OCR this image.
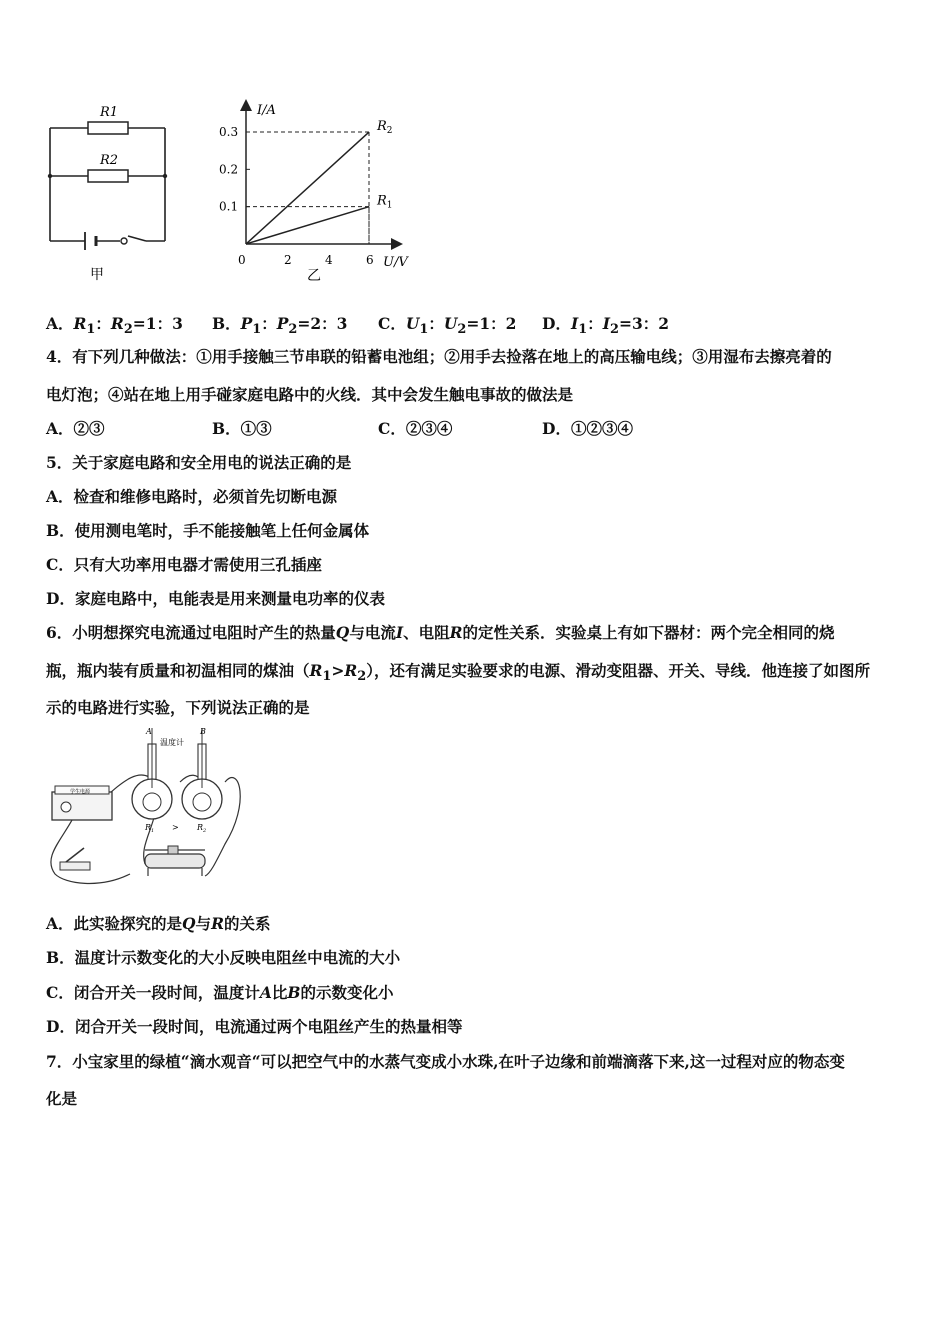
R1
R2
甲
I/A
U/V
0	2	4	6
0.1
0.2
0.3	$R_2$
$R_1$
乙
A．$R_1$：$R_2=1$：3 B．$P_1$：$P_2=2$：3 C．$U_1$：$U_2=1$：2 D．$I_1$：$I_2=3$：2
4．有下列几种做法：①用手接触三节串联的铅蓄电池组；②用手去捡落在地上的高压输电线；③用湿布去擦亮着的
电灯泡；④站在地上用手碰家庭电路中的火线．其中会发生触电事故的做法是
A．②③	B．①③	C．②③④	D．①②③④
5．关于家庭电路和安全用电的说法正确的是
A．检查和维修电路时，必须首先切断电源
B．使用测电笔时，手不能接触笔上任何金属体
C．只有大功率用电器才需使用三孔插座
D．家庭电路中，电能表是用来测量电功率的仪表
6．小明想探究电流通过电阻时产生的热量Q与电流I、电阻R的定性关系．实验桌上有如下器材：两个完全相同的烧
瓶，瓶内装有质量和初温相同的煤油$(R_1>R_2)$，还有满足实验要求的电源、滑动变阻器、开关、导线．他连接了如图所
示的电路进行实验，下列说法正确的是
学生电源
A	B
温度计
$R_1 > R_2$
A．此实验探究的是Q与R的关系
B．温度计示数变化的大小反映电阻丝中电流的大小
C．闭合开关一段时间，温度计A比B的示数变化小
D．闭合开关一段时间，电流通过两个电阻丝产生的热量相等
7．小宝家里的绿植“滴水观音“可以把空气中的水蒸气变成小水珠,在叶子边缘和前端滴落下来,这一过程对应的物态变
化是
